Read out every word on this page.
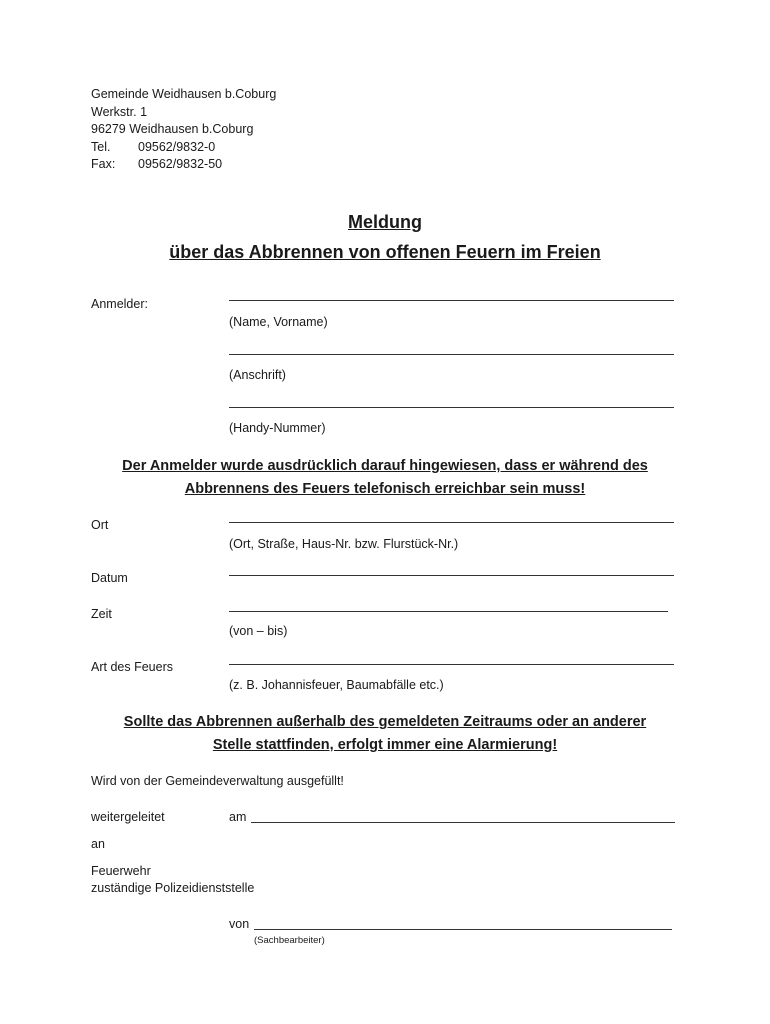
Gemeinde Weidhausen b.Coburg
Werkstr. 1
96279 Weidhausen b.Coburg
Tel. 09562/9832-0
Fax: 09562/9832-50
Meldung
über das Abbrennen von offenen Feuern im Freien
Anmelder:
(Name, Vorname)
(Anschrift)
(Handy-Nummer)
Der Anmelder wurde ausdrücklich darauf hingewiesen, dass er während des
Abbrennens des Feuers telefonisch erreichbar sein muss!
Ort
(Ort, Straße, Haus-Nr. bzw. Flurstück-Nr.)
Datum
Zeit
(von – bis)
Art des Feuers
(z. B. Johannisfeuer, Baumabfälle etc.)
Sollte das Abbrennen außerhalb des gemeldeten Zeitraums oder an anderer
Stelle stattfinden, erfolgt immer eine Alarmierung!
Wird von der Gemeindeverwaltung ausgefüllt!
weitergeleitet	am
an
Feuerwehr
zuständige Polizeidienststelle
von
(Sachbearbeiter)
